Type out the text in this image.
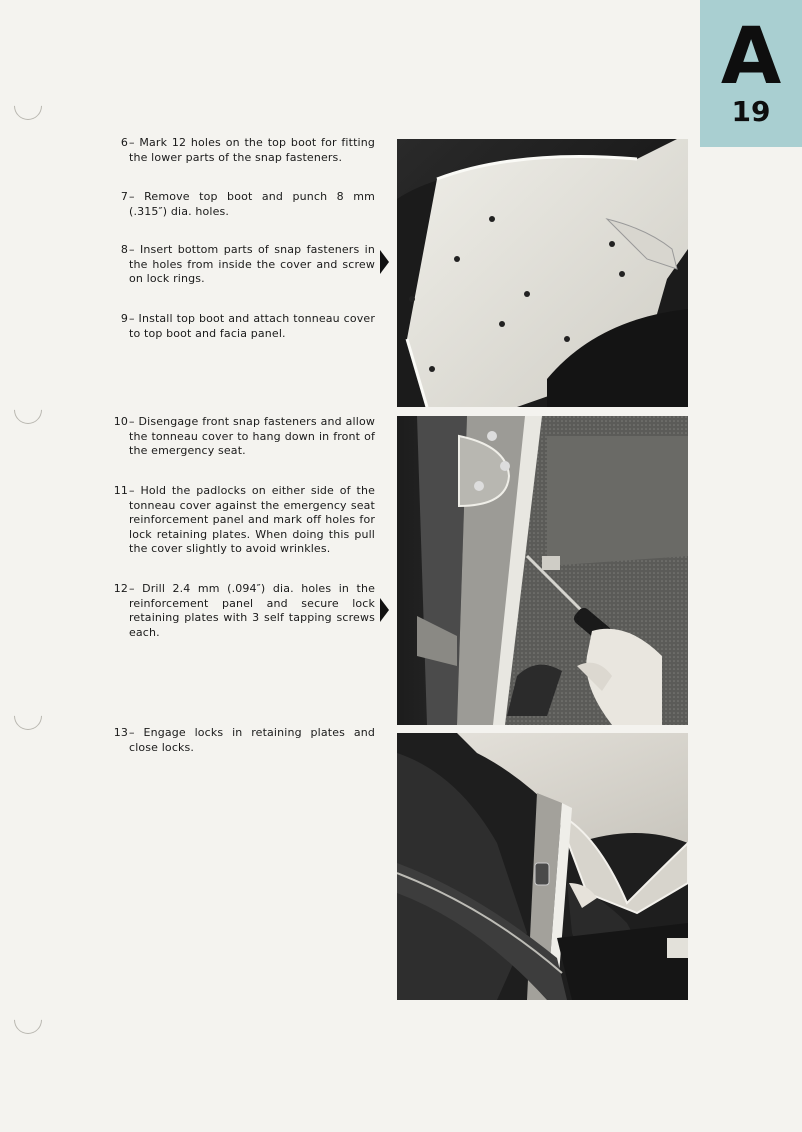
A
19
6 – Mark 12 holes on the top boot for fitting the lower parts of the snap fasteners.
7 – Remove top boot and punch 8 mm (.315″) dia. holes.
8 – Insert bottom parts of snap fasteners in the holes from inside the cover and screw on lock rings.
9 – Install top boot and attach tonneau cover to top boot and facia panel.
10 – Disengage front snap fasteners and allow the tonneau cover to hang down in front of the emergency seat.
11 – Hold the padlocks on either side of the tonneau cover against the emergency seat reinforcement panel and mark off holes for lock retaining plates. When doing this pull the cover slightly to avoid wrinkles.
12 – Drill 2.4 mm (.094″) dia. holes in the reinforcement panel and secure lock retaining plates with 3 self tapping screws each.
13 – Engage locks in retaining plates and close locks.
